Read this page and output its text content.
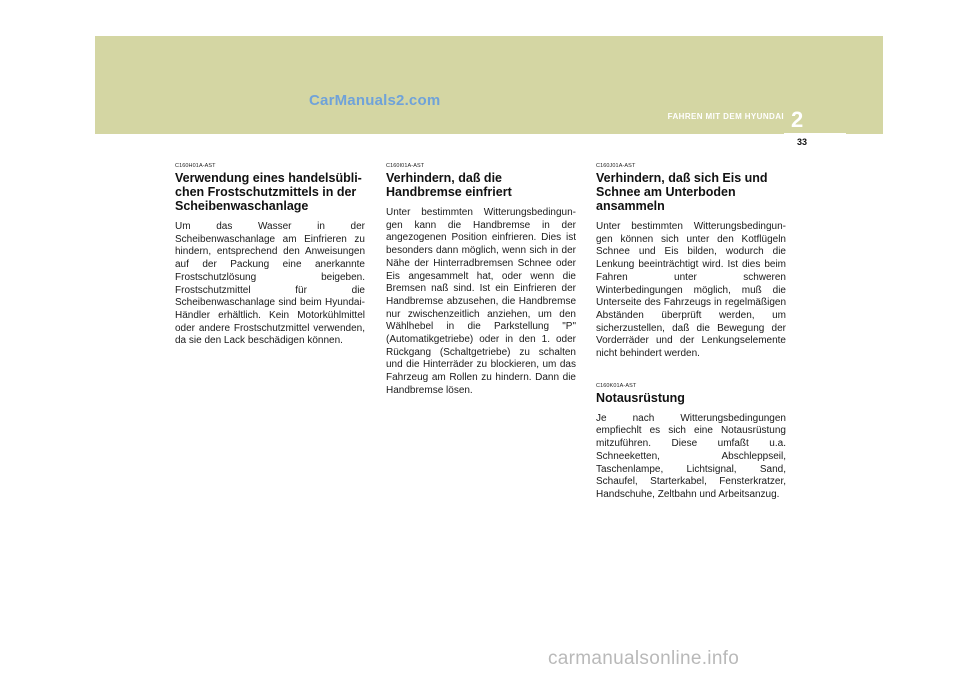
CarManuals2.com
FAHREN MIT DEM HYUNDAI 2
33
C160H01A-AST
Verwendung eines handelsübli-chen Frostschutzmittels in der Scheibenwaschanlage

Um das Wasser in der Scheibenwaschanlage am Einfrieren zu hindern, entsprechend den Anweisungen auf der Packung eine anerkannte Frostschutzlösung beigeben. Frostschutzmittel für die Scheibenwaschanlage sind beim Hyundai-Händler erhältlich. Kein Motorkühlmittel oder andere Frostschutzmittel verwenden, da sie den Lack beschädigen können.

C160I01A-AST
Verhindern, daß die Handbremse einfriert

Unter bestimmten Witterungsbedingun-gen kann die Handbremse in der angezogenen Position einfrieren. Dies ist besonders dann möglich, wenn sich in der Nähe der Hinterradbremsen Schnee oder Eis angesammelt hat, oder wenn die Bremsen naß sind. Ist ein Einfrieren der Handbremse abzusehen, die Handbremse nur zwischenzeitlich anziehen, um den Wählhebel in die Parkstellung "P" (Automatikgetriebe) oder in den 1. oder Rückgang (Schaltgetriebe) zu schalten und die Hinterräder zu blockieren, um das Fahrzeug am Rollen zu hindern. Dann die Handbremse lösen.

C160J01A-AST
Verhindern, daß sich Eis und Schnee am Unterboden ansammeln

Unter bestimmten Witterungsbedingun-gen können sich unter den Kotflügeln Schnee und Eis bilden, wodurch die Lenkung beeinträchtigt wird. Ist dies beim Fahren unter schweren Winterbedingungen möglich, muß die Unterseite des Fahrzeugs in regelmäßigen Abständen überprüft werden, um sicherzustellen, daß die Bewegung der Vorderräder und der Lenkungselemente nicht behindert werden.

C160K01A-AST
Notausrüstung

Je nach Witterungsbedingungen empfiechlt es sich eine Notausrüstung mitzuführen. Diese umfaßt u.a. Schneeketten, Abschleppseil, Taschenlampe, Lichtsignal, Sand, Schaufel, Starterkabel, Fensterkratzer, Handschuhe, Zeltbahn und Arbeitsanzug.

carmanualsonline.info
